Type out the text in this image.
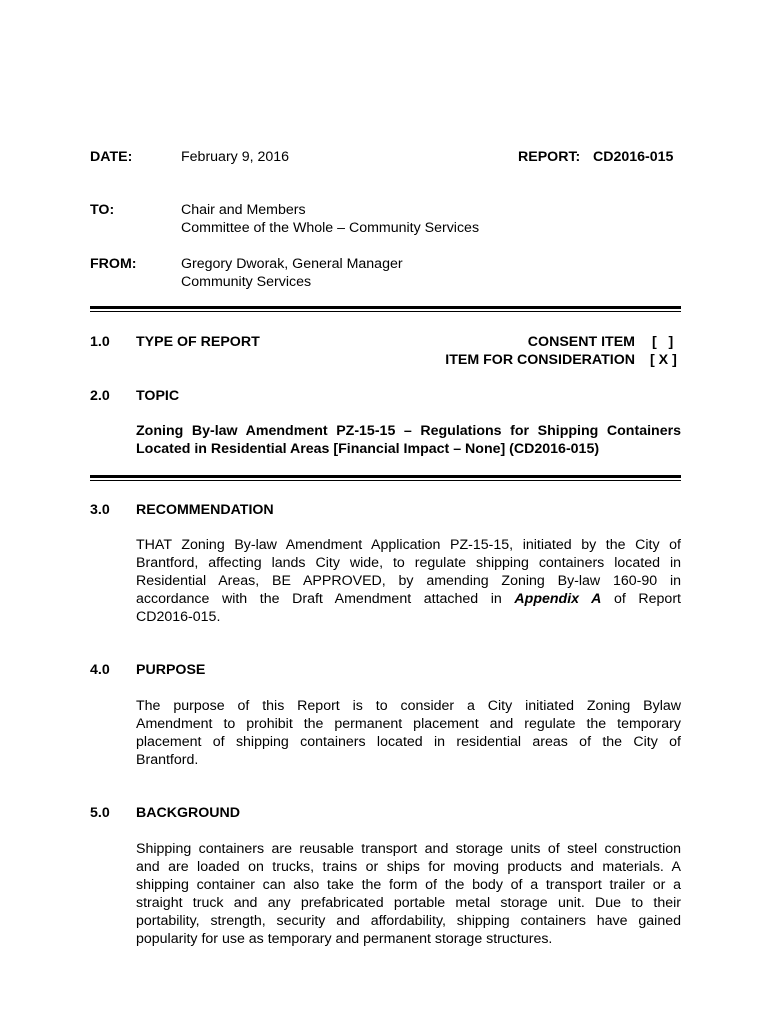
DATE:	February 9, 2016	REPORT: CD2016-015
TO:	Chair and Members
Committee of the Whole – Community Services
FROM:	Gregory Dworak, General Manager
Community Services
1.0 TYPE OF REPORT	CONSENT ITEM [   ]
ITEM FOR CONSIDERATION [ X ]
2.0 TOPIC
Zoning By-law Amendment PZ-15-15 – Regulations for Shipping Containers
Located in Residential Areas [Financial Impact – None] (CD2016-015)
3.0 RECOMMENDATION
THAT Zoning By-law Amendment Application PZ-15-15, initiated by the City of
Brantford, affecting lands City wide, to regulate shipping containers located in
Residential Areas, BE APPROVED, by amending Zoning By-law 160-90 in
accordance with the Draft Amendment attached in Appendix A of Report
CD2016-015.
4.0 PURPOSE
The purpose of this Report is to consider a City initiated Zoning Bylaw
Amendment to prohibit the permanent placement and regulate the temporary
placement of shipping containers located in residential areas of the City of
Brantford.
5.0 BACKGROUND
Shipping containers are reusable transport and storage units of steel construction
and are loaded on trucks, trains or ships for moving products and materials. A
shipping container can also take the form of the body of a transport trailer or a
straight truck and any prefabricated portable metal storage unit. Due to their
portability, strength, security and affordability, shipping containers have gained
popularity for use as temporary and permanent storage structures.
